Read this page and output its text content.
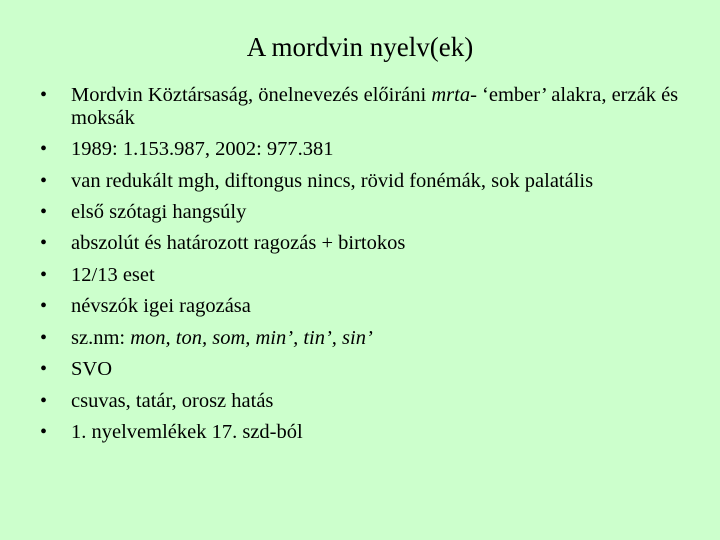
A mordvin nyelv(ek)
•	Mordvin Köztársaság, önelnevezés előiráni mrta- ‘ember’ alakra, erzák és moksák
•	1989: 1.153.987, 2002: 977.381
•	van redukált mgh, diftongus nincs, rövid fonémák, sok palatális
•	első szótagi hangsúly
•	abszolút és határozott ragozás + birtokos
•	12/13 eset
•	névszók igei ragozása
•	sz.nm: mon, ton, som, min’, tin’, sin’
•	SVO
•	csuvas, tatár, orosz hatás
•	1. nyelvemlékek 17. szd-ból
